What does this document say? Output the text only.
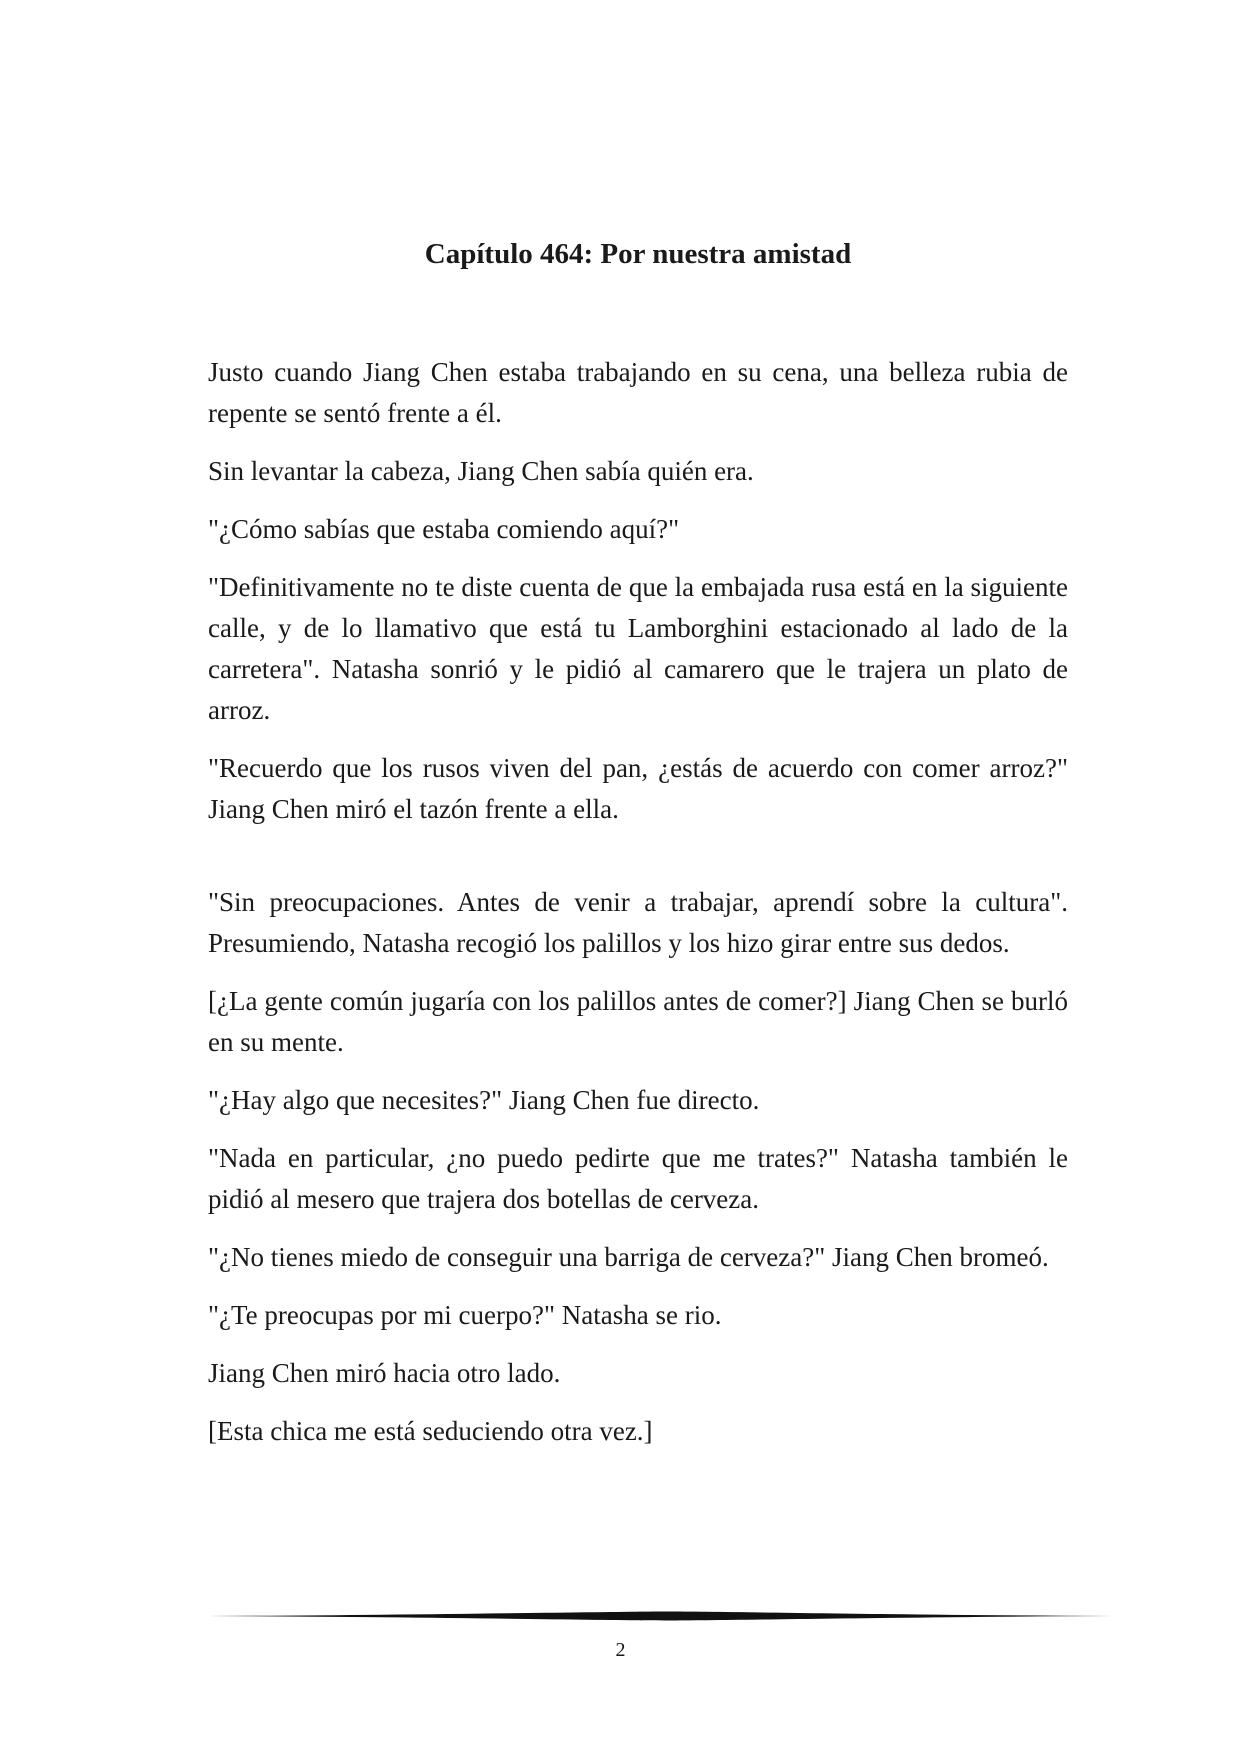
Capítulo 464: Por nuestra amistad

Justo cuando Jiang Chen estaba trabajando en su cena, una belleza rubia de repente se sentó frente a él.

Sin levantar la cabeza, Jiang Chen sabía quién era.

"¿Cómo sabías que estaba comiendo aquí?"

"Definitivamente no te diste cuenta de que la embajada rusa está en la siguiente calle, y de lo llamativo que está tu Lamborghini estacionado al lado de la carretera". Natasha sonrió y le pidió al camarero que le trajera un plato de arroz.

"Recuerdo que los rusos viven del pan, ¿estás de acuerdo con comer arroz?" Jiang Chen miró el tazón frente a ella.

"Sin preocupaciones. Antes de venir a trabajar, aprendí sobre la cultura". Presumiendo, Natasha recogió los palillos y los hizo girar entre sus dedos.

[¿La gente común jugaría con los palillos antes de comer?] Jiang Chen se burló en su mente.

"¿Hay algo que necesites?" Jiang Chen fue directo.

"Nada en particular, ¿no puedo pedirte que me trates?" Natasha también le pidió al mesero que trajera dos botellas de cerveza.

"¿No tienes miedo de conseguir una barriga de cerveza?" Jiang Chen bromeó.

"¿Te preocupas por mi cuerpo?" Natasha se rio.

Jiang Chen miró hacia otro lado.

[Esta chica me está seduciendo otra vez.]

2
